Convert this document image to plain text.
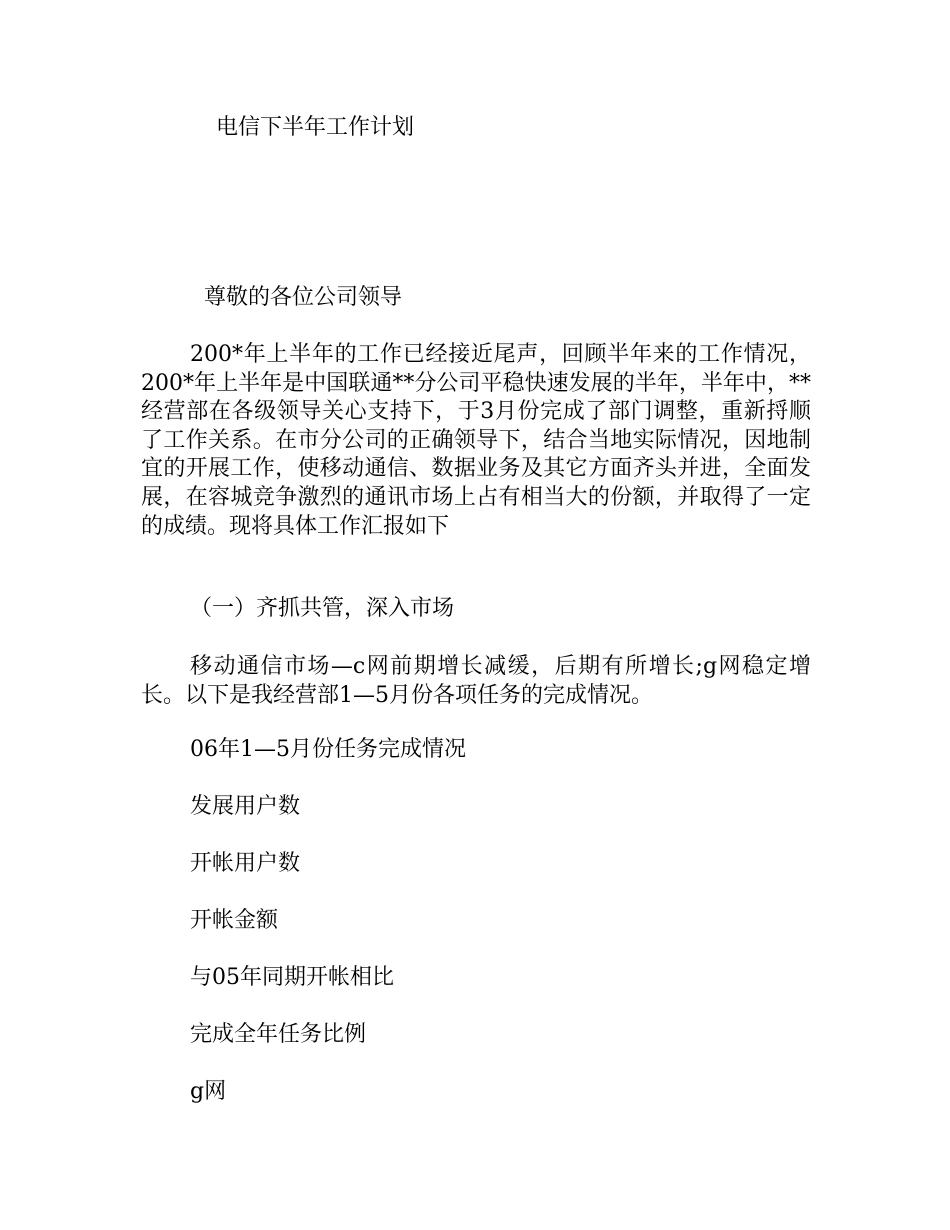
电信下半年工作计划
尊敬的各位公司领导

200*年上半年的工作已经接近尾声，回顾半年来的工作情况，200*年上半年是中国联通**分公司平稳快速发展的半年，半年中，**经营部在各级领导关心支持下，于3月份完成了部门调整，重新捋顺了工作关系。在市分公司的正确领导下，结合当地实际情况，因地制宜的开展工作，使移动通信、数据业务及其它方面齐头并进，全面发展，在容城竞争激烈的通讯市场上占有相当大的份额，并取得了一定的成绩。现将具体工作汇报如下

（一）齐抓共管，深入市场

移动通信市场—c网前期增长减缓，后期有所增长;g网稳定增长。以下是我经营部1—5月份各项任务的完成情况。

06年1—5月份任务完成情况
发展用户数
开帐用户数
开帐金额
与05年同期开帐相比
完成全年任务比例
g网
